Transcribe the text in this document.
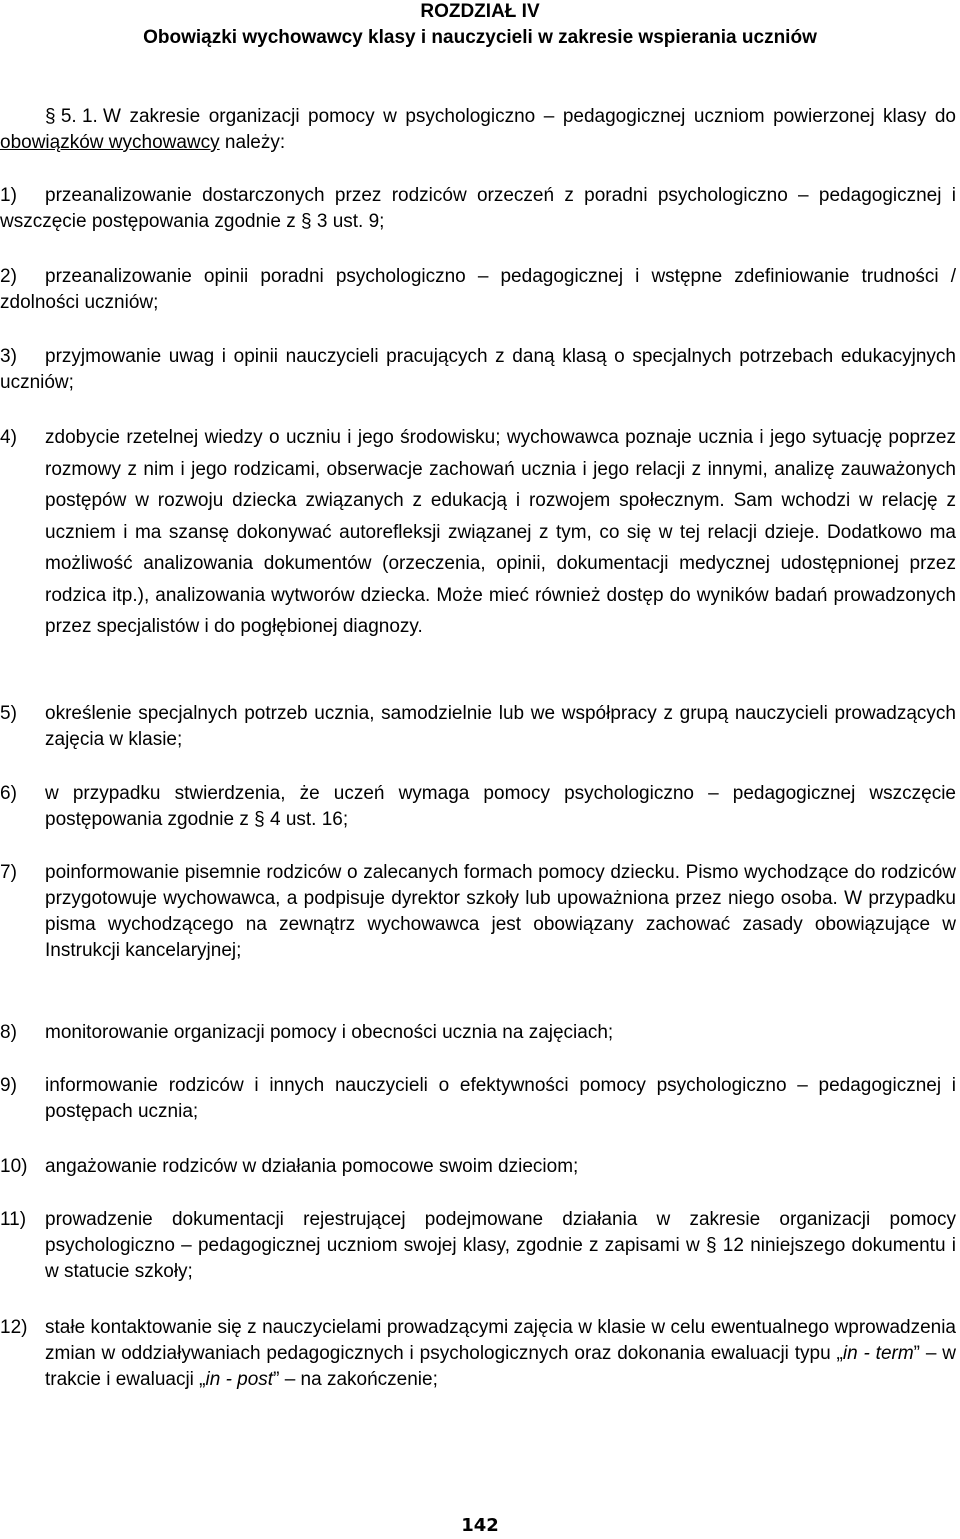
ROZDZIAŁ IV
Obowiązki wychowawcy klasy i nauczycieli w zakresie wspierania uczniów
§ 5. 1. W zakresie organizacji pomocy w psychologiczno – pedagogicznej uczniom powierzonej klasy do obowiązków wychowawcy należy:
1)	przeanalizowanie dostarczonych przez rodziców orzeczeń z poradni psychologiczno – pedagogicznej i wszczęcie postępowania zgodnie z § 3 ust. 9;
2)	przeanalizowanie opinii poradni psychologiczno – pedagogicznej i wstępne zdefiniowanie trudności / zdolności uczniów;
3)	przyjmowanie uwag i opinii nauczycieli pracujących z daną klasą o specjalnych potrzebach edukacyjnych uczniów;
4) zdobycie rzetelnej wiedzy o uczniu i jego środowisku; wychowawca poznaje ucznia i jego sytuację poprzez rozmowy z nim i jego rodzicami, obserwacje zachowań ucznia i jego relacji z innymi, analizę zauważonych postępów w rozwoju dziecka związanych z edukacją i rozwojem społecznym. Sam wchodzi w relację z uczniem i ma szansę dokonywać autorefleksji związanej z tym, co się w tej relacji dzieje. Dodatkowo ma możliwość analizowania dokumentów (orzeczenia, opinii, dokumentacji medycznej udostępnionej przez rodzica itp.), analizowania wytworów dziecka. Może mieć również dostęp do wyników badań prowadzonych przez specjalistów i do pogłębionej diagnozy.
5) określenie specjalnych potrzeb ucznia, samodzielnie lub we współpracy z grupą nauczycieli prowadzących zajęcia w klasie;
6) w przypadku stwierdzenia, że uczeń wymaga pomocy psychologiczno – pedagogicznej wszczęcie postępowania zgodnie z § 4 ust. 16;
7) poinformowanie pisemnie rodziców o zalecanych formach pomocy dziecku. Pismo wychodzące do rodziców przygotowuje wychowawca, a podpisuje dyrektor szkoły lub upoważniona przez niego osoba. W przypadku pisma wychodzącego na zewnątrz wychowawca jest obowiązany zachować zasady obowiązujące w Instrukcji kancelaryjnej;
8) monitorowanie organizacji pomocy i obecności ucznia na zajęciach;
9) informowanie rodziców i innych nauczycieli o efektywności pomocy psychologiczno – pedagogicznej i postępach ucznia;
10) angażowanie rodziców w działania pomocowe swoim dzieciom;
11) prowadzenie dokumentacji rejestrującej podejmowane działania w zakresie organizacji pomocy psychologiczno – pedagogicznej uczniom swojej klasy, zgodnie z zapisami w § 12 niniejszego dokumentu i w statucie szkoły;
12) stałe kontaktowanie się z nauczycielami prowadzącymi zajęcia w klasie w celu ewentualnego wprowadzenia zmian w oddziaływaniach pedagogicznych i psychologicznych oraz dokonania ewaluacji typu „in - term” – w trakcie i ewaluacji „in - post” – na zakończenie;
142
